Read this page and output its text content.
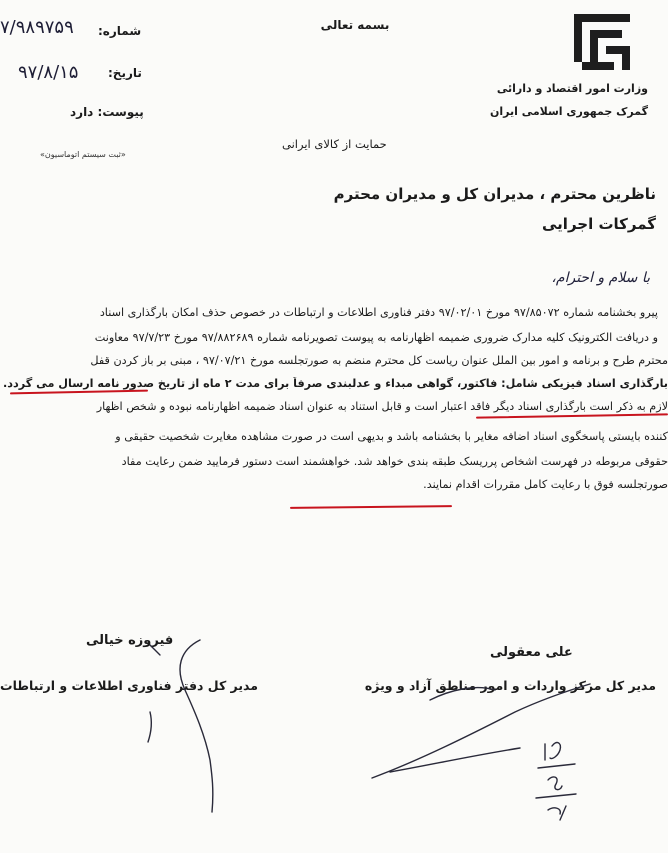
بسمه تعالی
وزارت امور اقتصاد و دارائی
گمرک جمهوری اسلامی ایران
شماره:
۷/۹۸۹۷۵۹
تاریخ:
۹۷/۸/۱۵
پیوست: دارد
«ثبت سیستم اتوماسیون»
حمایت از کالای ایرانی
ناظرین محترم ، مدیران کل و مدیران محترم
گمرکات اجرایی
با سلام و احترام،
پیرو بخشنامه شماره ۹۷/۸۵۰۷۲ مورخ ۹۷/۰۲/۰۱ دفتر فناوری اطلاعات و ارتباطات در خصوص حذف امکان بارگذاری اسناد
و دریافت الکترونیک کلیه مدارک ضروری ضمیمه اظهارنامه به پیوست تصویرنامه شماره ۹۷/۸۸۲۶۸۹ مورخ ۹۷/۷/۲۳ معاونت
محترم طرح و برنامه و امور بین الملل عنوان ریاست کل محترم منضم به صورتجلسه مورخ ۹۷/۰۷/۲۱ ، مبنی بر باز کردن قفل
بارگذاری اسناد فیزیکی شامل: فاکتور، گواهی مبداء و عدلبندی صرفاً برای مدت ۲ ماه از تاریخ صدور نامه ارسال می گردد.
لازم به ذکر است بارگذاری اسناد دیگر فاقد اعتبار است و قابل استناد به عنوان اسناد ضمیمه اظهارنامه نبوده و شخص اظهار
کننده بایستی پاسخگوی اسناد اضافه مغایر با بخشنامه باشد و بدیهی است در صورت مشاهده مغایرت شخصیت حقیقی و
حقوقی مربوطه در فهرست اشخاص پرریسک طبقه بندی خواهد شد. خواهشمند است دستور فرمایید ضمن رعایت مفاد
صورتجلسه فوق با رعایت کامل مقررات اقدام نمایند.
علی معقولی
مدیر کل مرکز واردات و امور مناطق آزاد و ویژه
فیروزه خیالی
مدیر کل دفتر فناوری اطلاعات و ارتباطات
